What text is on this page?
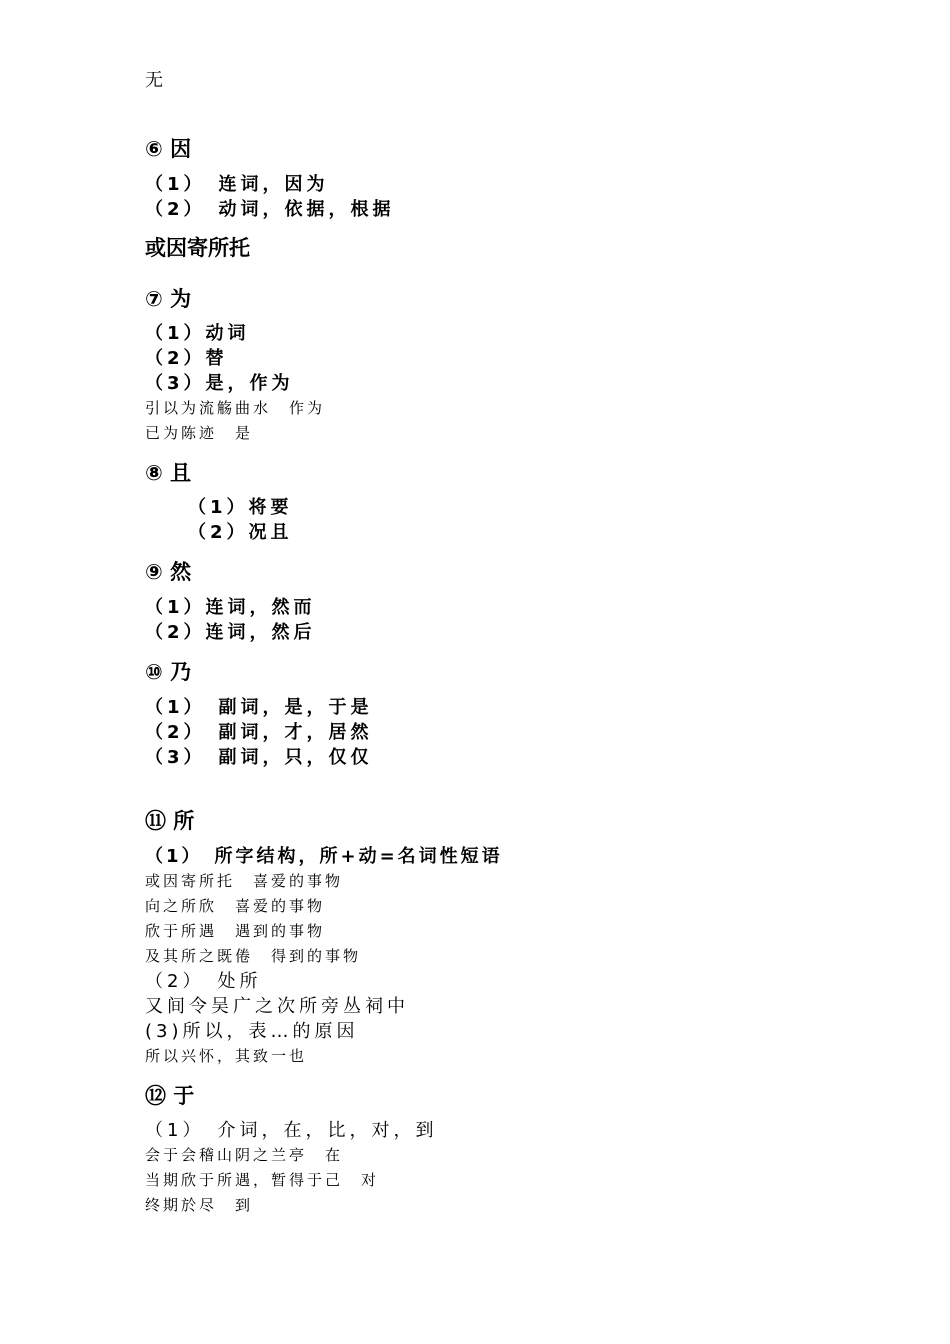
无
⑥ 因
（1）　连词，因为
（2）　动词，依据，根据
或因寄所托
⑦ 为
（1）动词
（2）替
（3）是，作为
引以为流觞曲水　作为
已为陈迹　是
⑧ 且
（1）将要
（2）况且
⑨ 然
（1）连词，然而
（2）连词，然后
⑩ 乃
（1）　副词，是，于是
（2）　副词，才，居然
（3）　副词，只，仅仅
⑪ 所
（1）　所字结构，所+动=名词性短语
或因寄所托　喜爱的事物
向之所欣　喜爱的事物
欣于所遇　遇到的事物
及其所之既倦　得到的事物
（2）　处所
又间令吴广之次所旁丛祠中
(3)所以，表…的原因
所以兴怀，其致一也
⑫ 于
（1）　介词，在，比，对，到
会于会稽山阴之兰亭　在
当期欣于所遇，暂得于己　对
终期於尽　到
